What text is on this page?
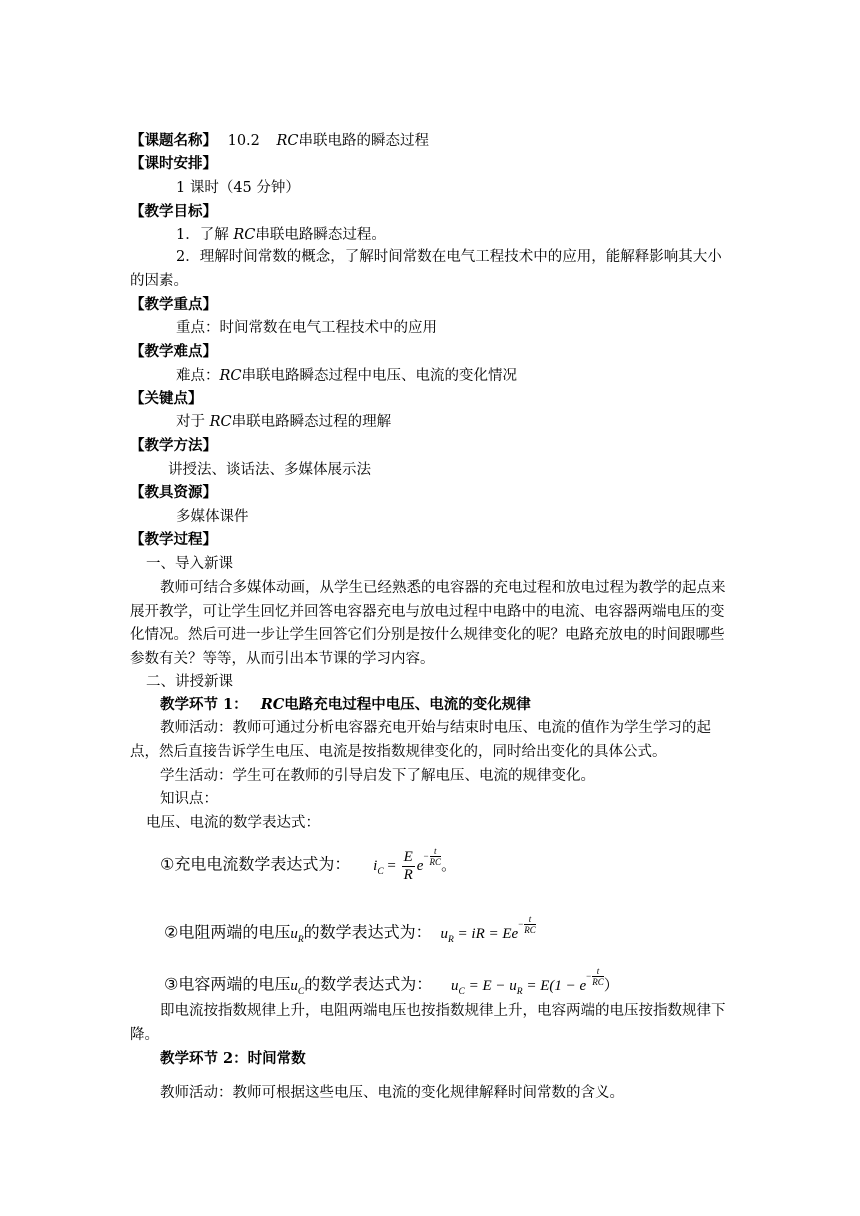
【课题名称】 10.2 RC串联电路的瞬态过程
【课时安排】
1 课时（45 分钟）
【教学目标】
1．了解 RC串联电路瞬态过程。
2．理解时间常数的概念，了解时间常数在电气工程技术中的应用，能解释影响其大小的因素。
【教学重点】
重点：时间常数在电气工程技术中的应用
【教学难点】
难点：RC串联电路瞬态过程中电压、电流的变化情况
【关键点】
对于 RC串联电路瞬态过程的理解
【教学方法】
讲授法、谈话法、多媒体展示法
【教具资源】
多媒体课件
【教学过程】
一、导入新课
教师可结合多媒体动画，从学生已经熟悉的电容器的充电过程和放电过程为教学的起点来展开教学，可让学生回忆并回答电容器充电与放电过程中电路中的电流、电容器两端电压的变化情况。然后可进一步让学生回答它们分别是按什么规律变化的呢？电路充放电的时间跟哪些参数有关？等等，从而引出本节课的学习内容。
二、讲授新课
教学环节 1： RC电路充电过程中电压、电流的变化规律
教师活动：教师可通过分析电容器充电开始与结束时电压、电流的值作为学生学习的起点，然后直接告诉学生电压、电流是按指数规律变化的，同时给出变化的具体公式。
学生活动：学生可在教师的引导启发下了解电压、电流的规律变化。
知识点：
电压、电流的数学表达式：
①充电电流数学表达式为： $i_C = \frac{E}{R} e- \frac{t}{RC}$ 。
②电阻两端的电压$u_R$的数学表达式为： $u_R$ = iR = $Ee- \frac{t}{RC}$
③电容两端的电压$u_C$的数学表达式为： $u_C = E - u_R = E(1 - e- \frac{t}{RC}$ ）
即电流按指数规律上升，电阻两端电压也按指数规律上升，电容两端的电压按指数规律下降。
教学环节 2：时间常数
教师活动：教师可根据这些电压、电流的变化规律解释时间常数的含义。
